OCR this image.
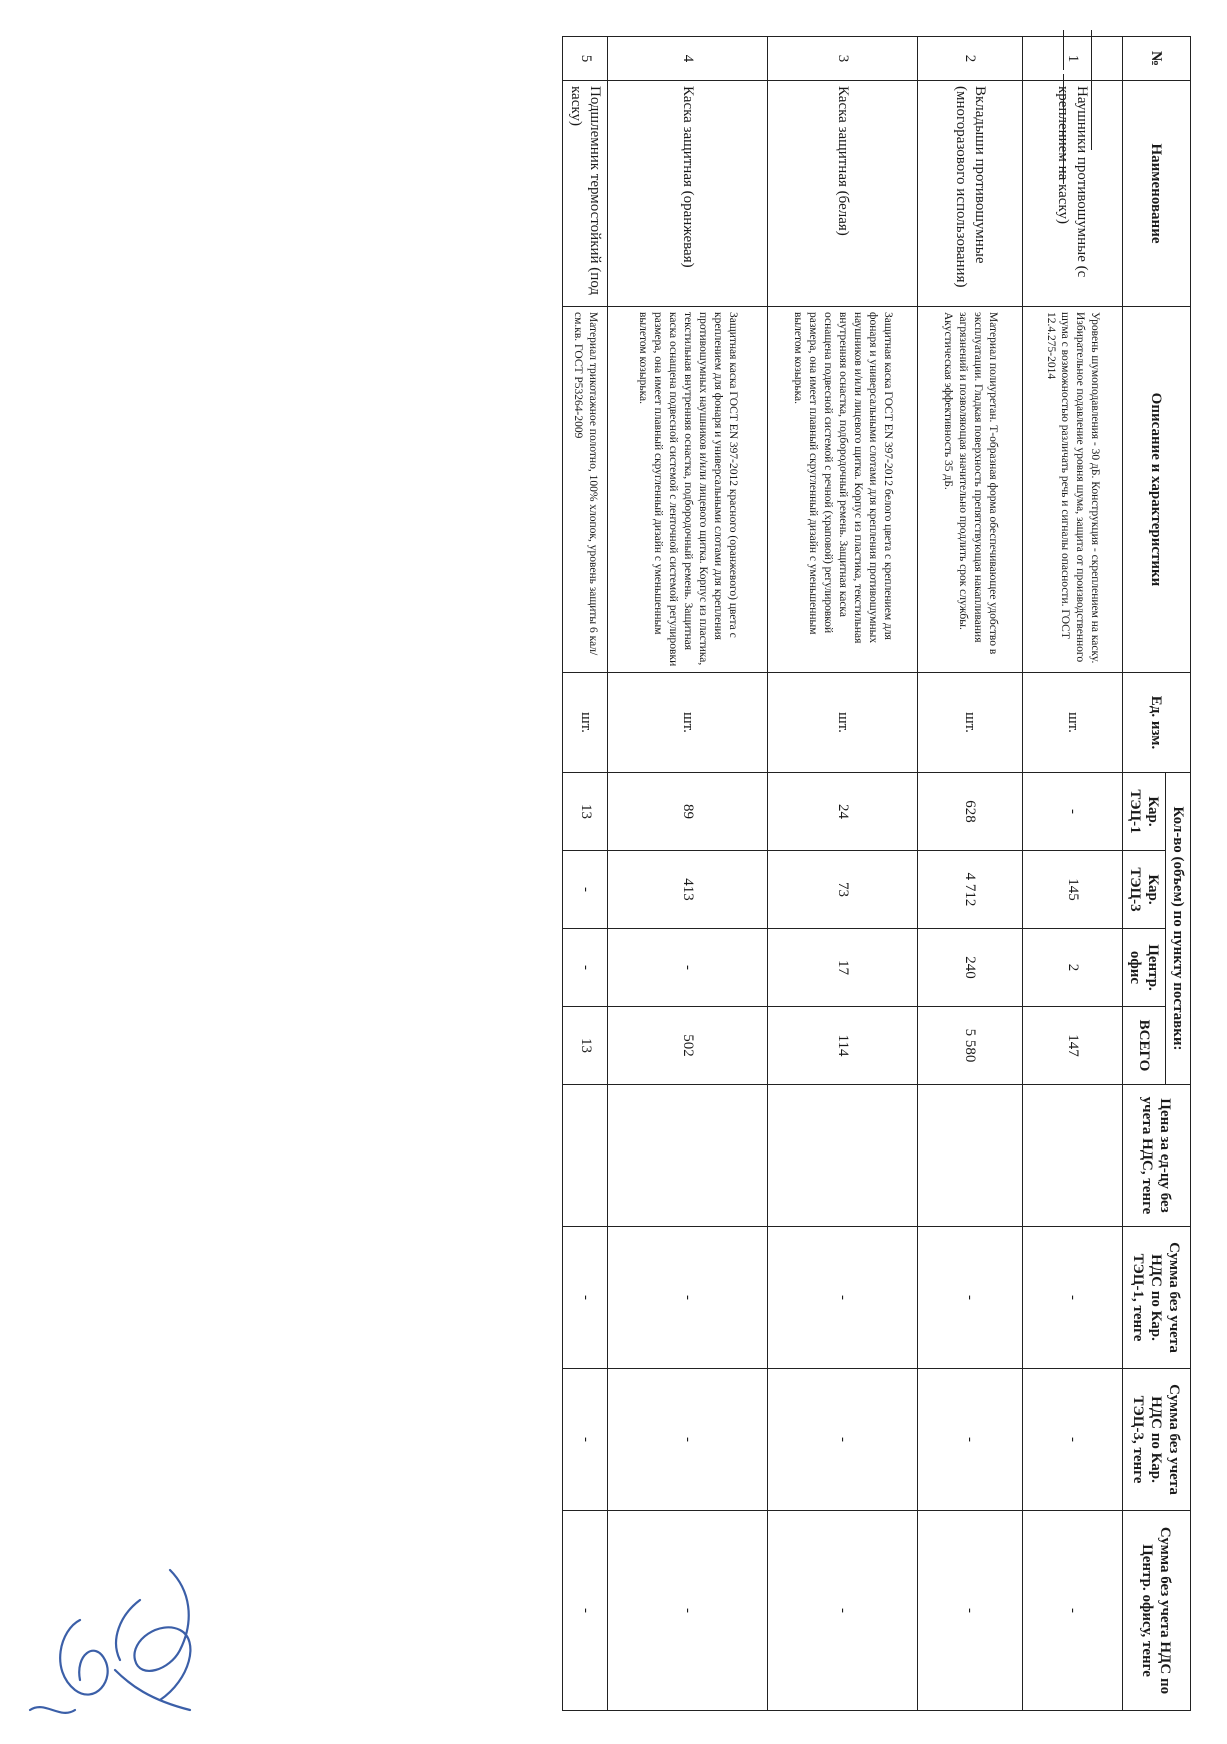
№	Наименование	Описание и характеристики	Ед. изм.	Кол-во (объем) по пункту поставки:				Цена за ед-цу без учета НДС, тенге	Сумма без учета НДС по Кар. ТЭЦ-1, тенге	Сумма без учета НДС по Кар. ТЭЦ-3, тенге	Сумма без учета НДС по Центр. офису, тенге
				Кар. ТЭЦ-1	Кар. ТЭЦ-3	Центр. офис	ВСЕГО				
1	Наушники противошумные (с креплением на каску)	Уровень шумоподавления - 30 дБ. Конструкция - скреплением на каску. Избирательное подавление уровня шума, защита от производственного шума с возможностью различать речь и сигналы опасности. ГОСТ 12.4.275-2014	шт.	-	145	2	147		-	-	-
2	Вкладыши противошумные (многоразового использования)	Материал полиуретан. Т-образная форма обеспечивающее удобство в эксплуатации. Гладкая поверхность препятствующая накапливания загрязнений и позволяющая значительно продлить срок службы. Акустическая эффективность 35 дБ.	шт.	628	4 712	240	5 580		-	-	-
3	Каска защитная (белая)	Защитная каска ГОСТ EN 397-2012 белого цвета с креплением для фонаря и универсальными слотами для крепления противошумных наушников и/или лицевого щитка. Корпус из пластика, текстильная внутренняя оснастка, подбородочный ремень. Защитная каска оснащена подвесной системой с речной (храповой) регулировкой размера, она имеет плавный скругленный дизайн с уменьшенным вылетом козырька.	шт.	24	73	17	114		-	-	-
4	Каска защитная (оранжевая)	Защитная каска ГОСТ EN 397-2012 красного (оранжевого) цвета с креплением для фонаря и универсальными слотами для крепления противошумных наушников и/или лицевого щитка. Корпус из пластика, текстильная внутренняя оснастка, подбородочный ремень. Защитная каска оснащена подвесной системой с ленточной системой регулировки размера, она имеет плавный скругленный дизайн с уменьшенным вылетом козырька.	шт.	89	413	-	502		-	-	-
5	Подшлемник термостойкий (под каску)	Материал трикотажное полотно, 100% хлопок, уровень защиты 6 кал/см.кв. ГОСТ Р53264-2009	шт.	13	-	-	13		-	-	-
